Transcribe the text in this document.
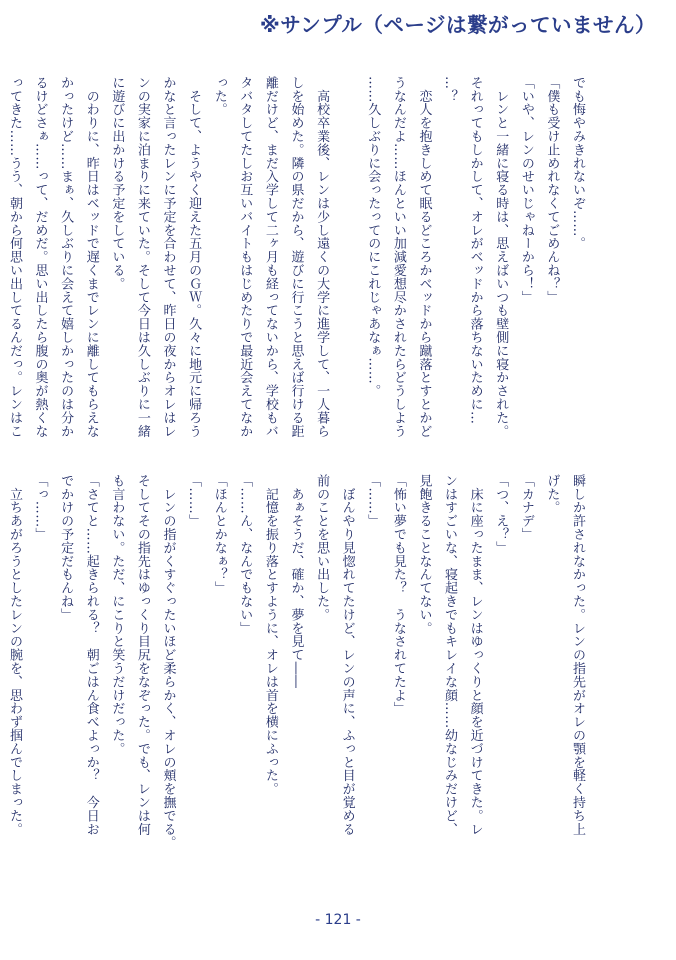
※サンプル（ページは繋がっていません）

でも悔やみきれないぞ……。

「僕も受け止めれなくてごめんね？」

「いや、レンのせいじゃねーから！」

　レンと一緒に寝る時は、思えばいつも壁側に寝かされた。

それってもしかして、オレがベッドから落ちないために…

…？

　恋人を抱きしめて眠るどころかベッドから蹴落とすとかど

うなんだよ……ほんといい加減愛想尽かされたらどうしよう

……久しぶりに会ったってのにこれじゃあなぁ……。

　高校卒業後、レンは少し遠くの大学に進学して、一人暮ら

しを始めた。隣の県だから、遊びに行こうと思えば行ける距

離だけど、まだ入学して二ヶ月も経ってないから、学校もバ

タバタしてたしお互いバイトもはじめたりで最近会えてなか

った。

　そして、ようやく迎えた五月のＧＷ。久々に地元に帰ろう

かなと言ったレンに予定を合わせて、昨日の夜からオレはレ

ンの実家に泊まりに来ていた。そして今日は久しぶりに一緒

に遊びに出かける予定をしている。

　のわりに、昨日はベッドで遅くまでレンに離してもらえな

かったけど……まぁ、久しぶりに会えて嬉しかったのは分か

るけどさぁ……って、だめだ。思い出したら腹の奥が熱くな

ってきた……うう、朝から何思い出してるんだっ。レンはこ

瞬しか許されなかった。レンの指先がオレの顎を軽く持ち上

げた。

「カナデ」

「つ、え？」

　床に座ったまま、レンはゆっくりと顔を近づけてきた。レ

ンはすごいな、寝起きでもキレイな顔……幼なじみだけど、

見飽きることなんてない。

「怖い夢でも見た？　うなされてたよ」

「……」

　ぼんやり見惚れてたけど、レンの声に、ふっと目が覚める

前のことを思い出した。

　あぁそうだ、確か、夢を見て――

　記憶を振り落とすように、オレは首を横にふった。

「……ん、なんでもない」

「ほんとかなぁ？」

「……」

　レンの指がくすぐったいほど柔らかく、オレの頬を撫でる。

そしてその指先はゆっくり目尻をなぞった。でも、レンは何

も言わない。ただ、にこりと笑うだけだった。

「さてと……起きられる？　朝ごはん食べよっか？　今日お

でかけの予定だもんね」

「っ……」

　立ちあがろうとしたレンの腕を、思わず掴んでしまった。

- 121 -
